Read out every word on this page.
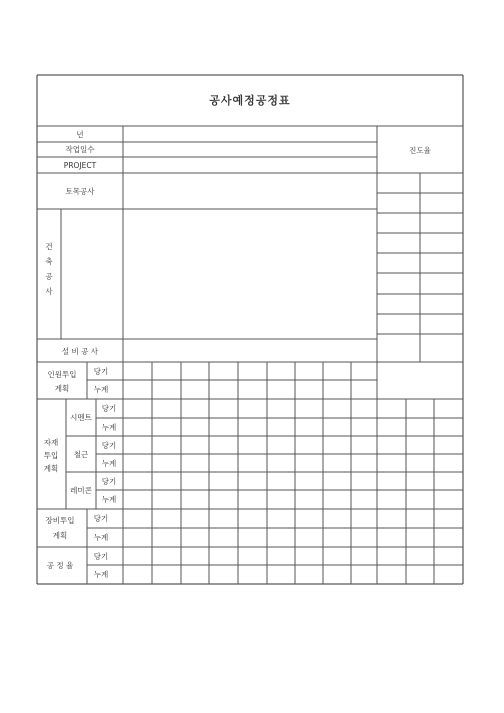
공사예정공정표
년
작업일수
PROJECT
진도율
토목공사
건
축
공
사
설 비 공 사
인원투입
계획
당기
누계
자재
투입
계획
시멘트
철근
레미콘
당기
누계
당기
누계
당기
누계
장비투입
계획
당기
누계
공 정 율
당기
누계
